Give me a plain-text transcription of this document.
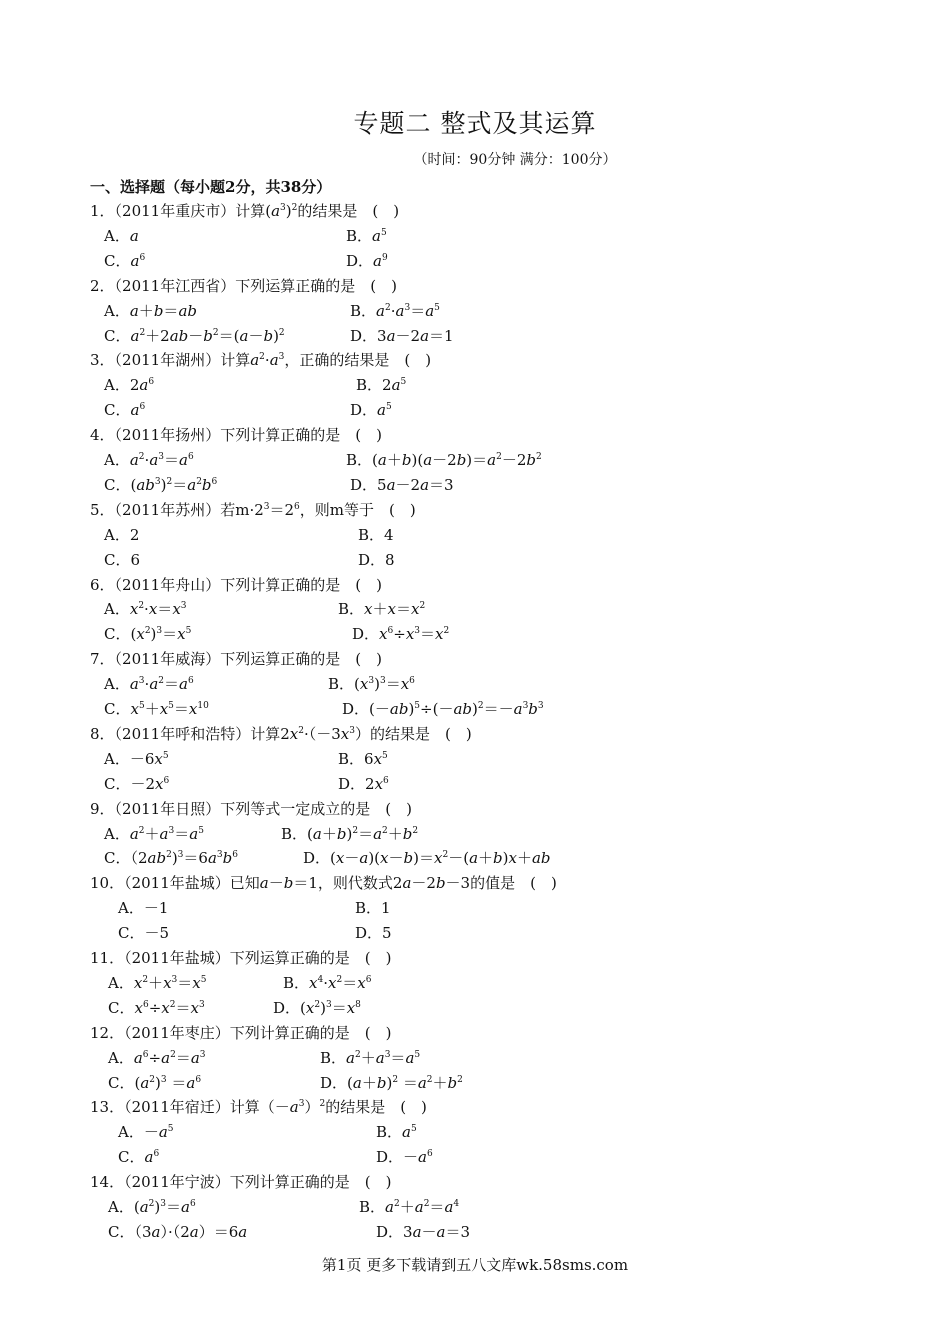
专题二 整式及其运算
（时间：90分钟 满分：100分）
一、选择题（每小题2分，共38分）
1．（2011年重庆市）计算$(a^3)^2$的结果是　(　)
A．a	B．$a^5$
C．$a^6$	D．$a^9$
2．（2011年江西省）下列运算正确的是　(　)
A．a＋b＝ab	B．$a^2\cdot a^3=a^5$
C．$a^2+2ab-b^2=(a-b)^2$	D．3a－2a＝1
3．（2011年湖州）计算$a^2\cdot a^3$，正确的结果是　(　)
A．$2a^6$	B．$2a^5$
C．$a^6$	D．$a^5$
4．（2011年扬州）下列计算正确的是　(　)
A．$a^2\cdot a^3=a^6$	B．$(a+b)(a-2b)=a^2-2b^2$
C．$(ab^3)^2=a^2b^6$	D．5a－2a＝3
5．（2011年苏州）若$m\cdot 2^3=2^6$，则m等于　(　)
A．2	B．4
C．6	D．8
6．（2011年舟山）下列计算正确的是　(　)
A．$x^2\cdot x=x^3$	B．$x+x=x^2$
C．$(x^2)^3=x^5$	D．$x^6\div x^3=x^2$
7．（2011年威海）下列运算正确的是　(　)
A．$a^3\cdot a^2=a^6$	B．$(x^3)^3=x^6$
C．$x^5+x^5=x^{10}$	D．$(-ab)^5\div(-ab)^2=-a^3b^3$
8．（2011年呼和浩特）计算$2x^2\cdot(-3x^3)$的结果是　(　)
A．$-6x^5$	B．$6x^5$
C．$-2x^6$	D．$2x^6$
9．（2011年日照）下列等式一定成立的是　(　)
A．$a^2+a^3=a^5$	B．$(a+b)^2=a^2+b^2$
C．$(2ab^2)^3=6a^3b^6$	D．$(x-a)(x-b)=x^2-(a+b)x+ab$
10．（2011年盐城）已知a－b＝1，则代数式2a－2b－3的值是　(　)
A．－1	B．1
C．－5	D．5
11．（2011年盐城）下列运算正确的是　(　)
A．$x^2+x^3=x^5$	B．$x^4\cdot x^2=x^6$
C．$x^6\div x^2=x^3$	D．$(x^2)^3=x^8$
12．（2011年枣庄）下列计算正确的是　(　)
A．$a^6\div a^2=a^3$	B．$a^2+a^3=a^5$
C．$(a^2)^3 =a^6$	D．$(a+b)^2 =a^2+b^2$
13．（2011年宿迁）计算$(-a^3)^2$的结果是　(　)
A．$-a^5$	B．$a^5$
C．$a^6$	D．$-a^6$
14．（2011年宁波）下列计算正确的是　(　)
A．$(a^2)^3=a^6$	B．$a^2+a^2=a^4$
C．（3a）·（2a）＝6a	D．3a－a＝3
第1页 更多下载请到五八文库wk.58sms.com
